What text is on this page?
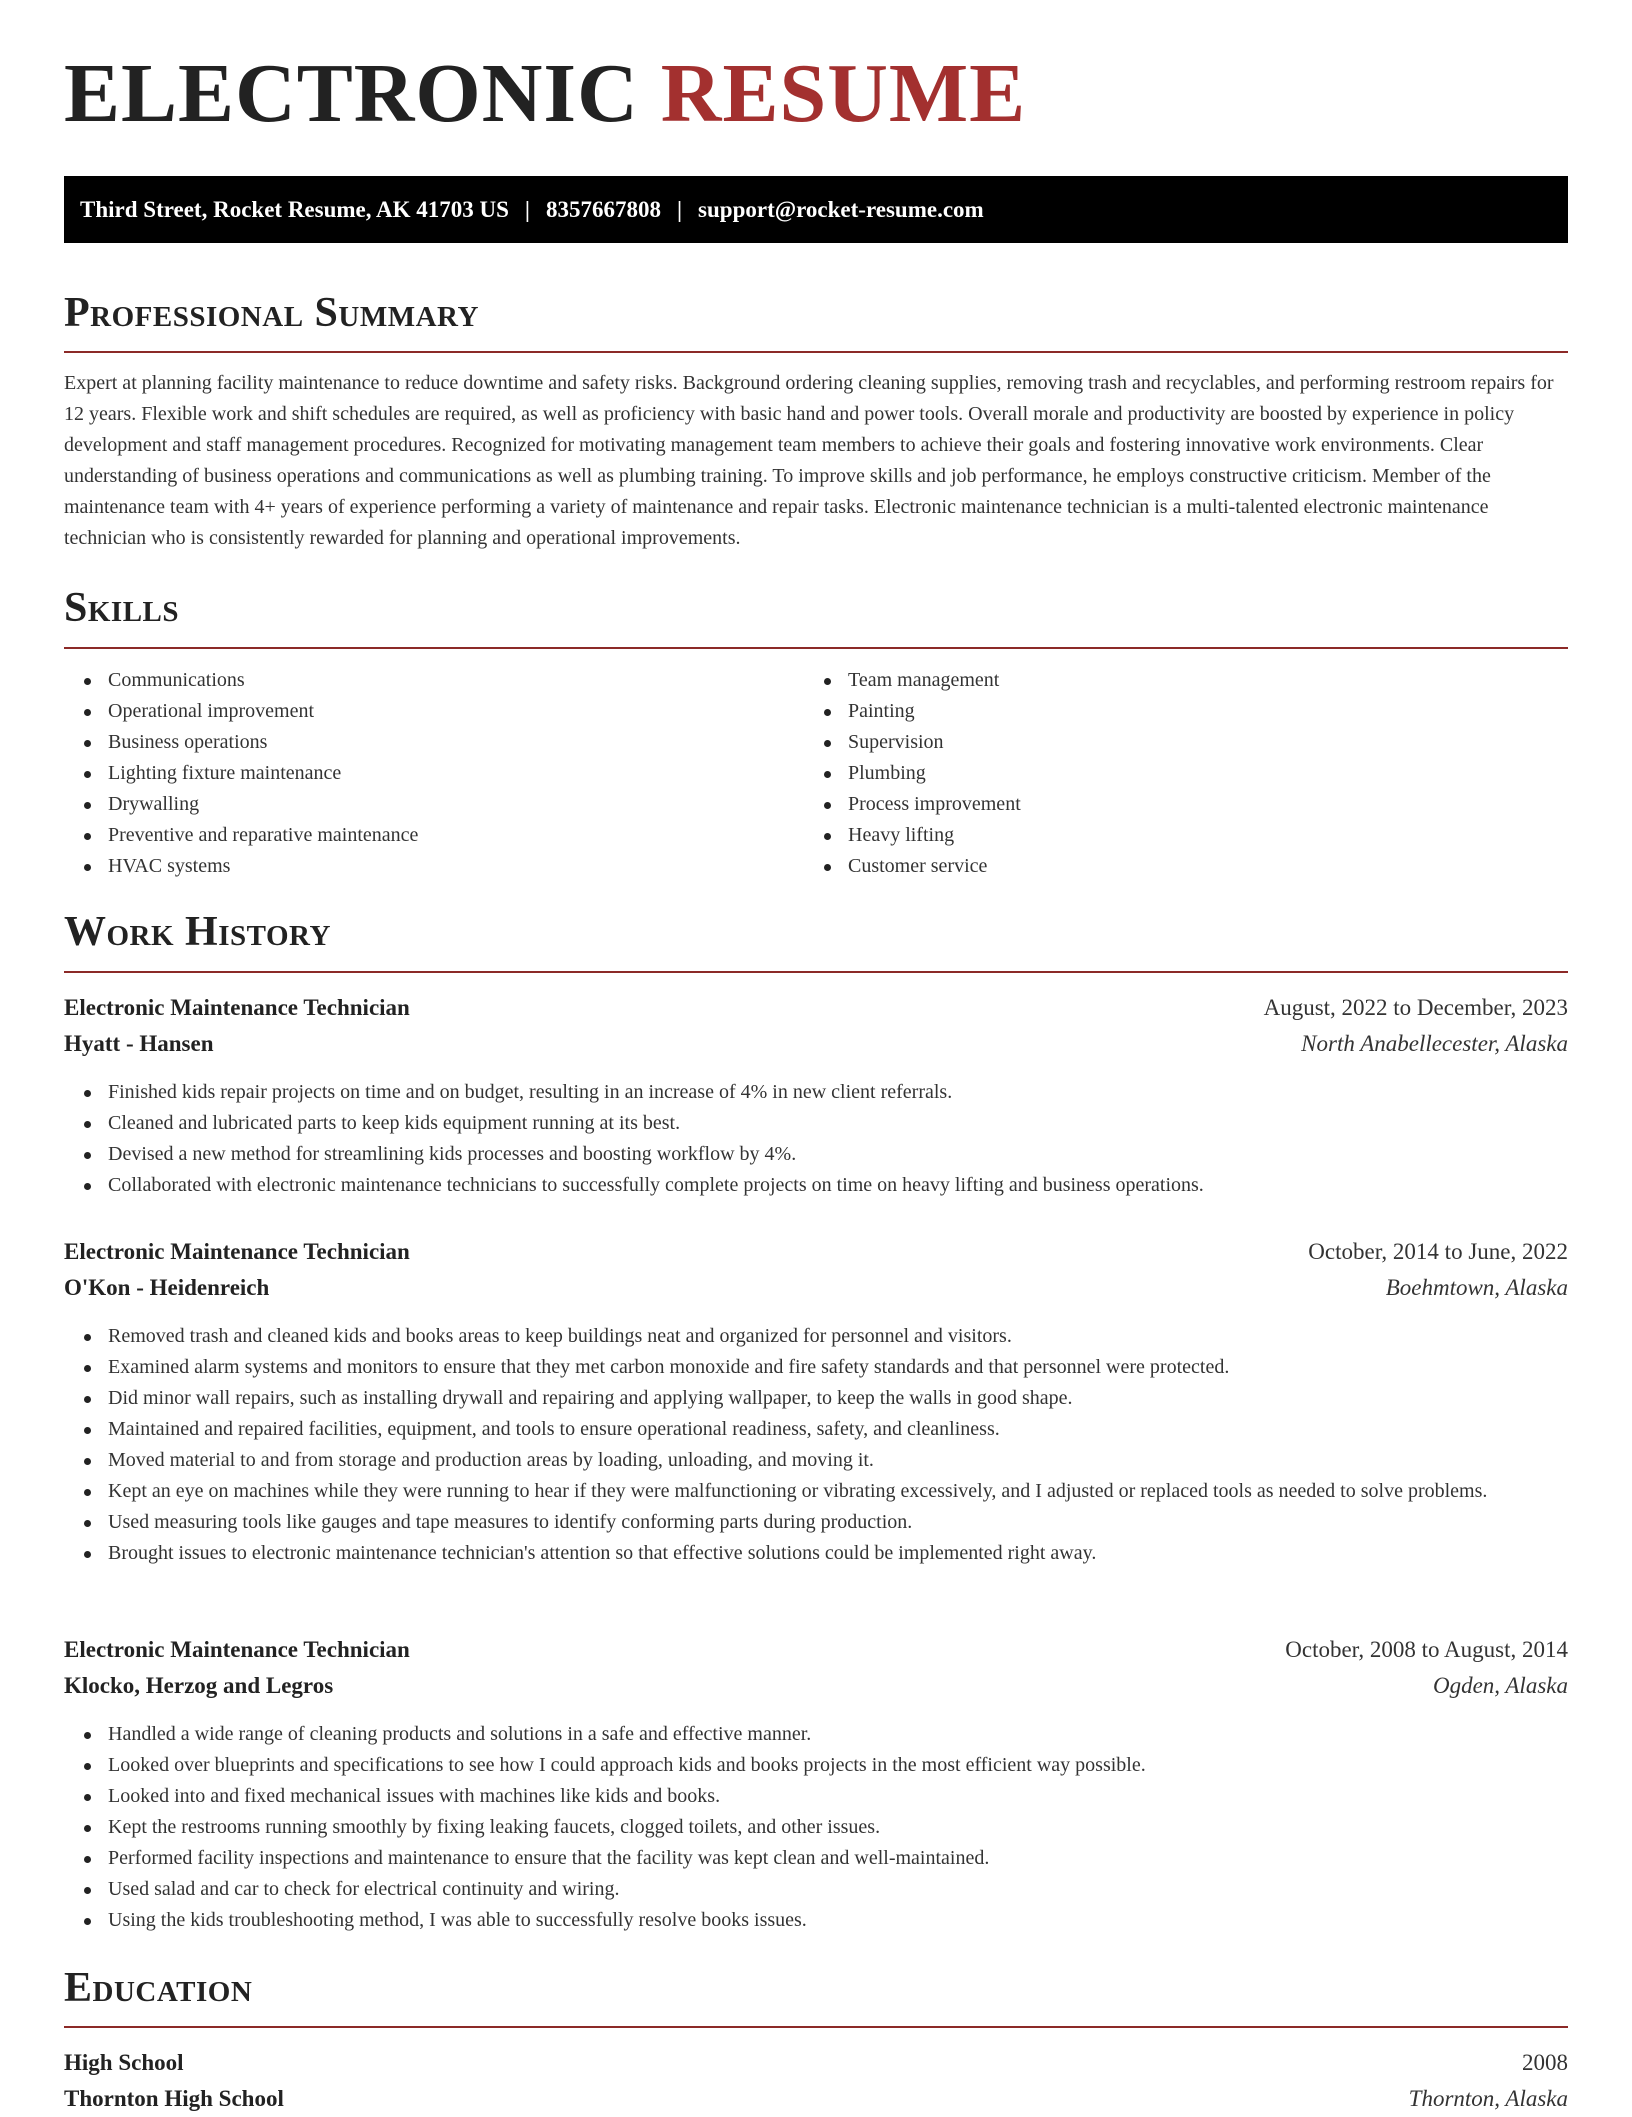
ELECTRONIC RESUME
Third Street, Rocket Resume, AK 41703 US | 8357667808 | support@rocket-resume.com
Professional Summary

Expert at planning facility maintenance to reduce downtime and safety risks. Background ordering cleaning supplies, removing trash and recyclables, and performing restroom repairs for 12 years. Flexible work and shift schedules are required, as well as proficiency with basic hand and power tools. Overall morale and productivity are boosted by experience in policy development and staff management procedures. Recognized for motivating management team members to achieve their goals and fostering innovative work environments. Clear understanding of business operations and communications as well as plumbing training. To improve skills and job performance, he employs constructive criticism. Member of the maintenance team with 4+ years of experience performing a variety of maintenance and repair tasks. Electronic maintenance technician is a multi-talented electronic maintenance technician who is consistently rewarded for planning and operational improvements.

Skills
Communications
Operational improvement
Business operations
Lighting fixture maintenance
Drywalling
Preventive and reparative maintenance
HVAC systems
Team management
Painting
Supervision
Plumbing
Process improvement
Heavy lifting
Customer service
Work History
Electronic Maintenance Technician	August, 2022 to December, 2023
Hyatt - Hansen	North Anabellecester, Alaska
Finished kids repair projects on time and on budget, resulting in an increase of 4% in new client referrals.
Cleaned and lubricated parts to keep kids equipment running at its best.
Devised a new method for streamlining kids processes and boosting workflow by 4%.
Collaborated with electronic maintenance technicians to successfully complete projects on time on heavy lifting and business operations.
Electronic Maintenance Technician	October, 2014 to June, 2022
O'Kon - Heidenreich	Boehmtown, Alaska
Removed trash and cleaned kids and books areas to keep buildings neat and organized for personnel and visitors.
Examined alarm systems and monitors to ensure that they met carbon monoxide and fire safety standards and that personnel were protected.
Did minor wall repairs, such as installing drywall and repairing and applying wallpaper, to keep the walls in good shape.
Maintained and repaired facilities, equipment, and tools to ensure operational readiness, safety, and cleanliness.
Moved material to and from storage and production areas by loading, unloading, and moving it.
Kept an eye on machines while they were running to hear if they were malfunctioning or vibrating excessively, and I adjusted or replaced tools as needed to solve problems.
Used measuring tools like gauges and tape measures to identify conforming parts during production.
Brought issues to electronic maintenance technician's attention so that effective solutions could be implemented right away.
Electronic Maintenance Technician	October, 2008 to August, 2014
Klocko, Herzog and Legros	Ogden, Alaska
Handled a wide range of cleaning products and solutions in a safe and effective manner.
Looked over blueprints and specifications to see how I could approach kids and books projects in the most efficient way possible.
Looked into and fixed mechanical issues with machines like kids and books.
Kept the restrooms running smoothly by fixing leaking faucets, clogged toilets, and other issues.
Performed facility inspections and maintenance to ensure that the facility was kept clean and well-maintained.
Used salad and car to check for electrical continuity and wiring.
Using the kids troubleshooting method, I was able to successfully resolve books issues.
Education
High School	2008
Thornton High School	Thornton, Alaska
